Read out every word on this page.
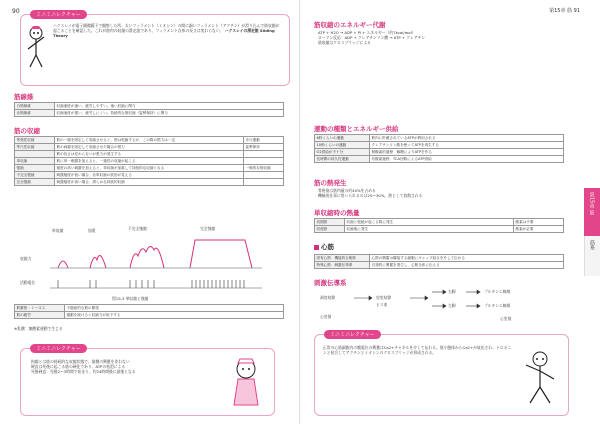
90
ハクスレイが電子顕微鏡下で観察した所、太いフィラメント（ミオシン）の間に細いフィラメント（アクチン）が滑り込んで筋収縮が起こることを確認した。これが筋肉の収縮の滑走説であり、フィラメント自体の長さは変わらない。 ハクスレイの滑走説 Sliding Theory
ミニミニレクチャー
筋線維
白筋線維	収縮速度が速い、疲労しやすい。速い収縮に関与
赤筋線維	収縮速度が遅い、疲労しにくい。持続的な筋収縮（姿勢保持）に関与
筋の収縮
等張性収縮	筋の一端を固定して収縮させると、筋は短縮するが、この際の筋力は一定	歩行運動
等尺性収縮	筋の両端を固定して収縮させた場合の張力	姿勢保持
	筋の長さは変わらないが張力が発生する	
単収縮	筋に単一刺激を加えると、一過性の収縮が起こる	
強縮	頻度の高い刺激を加えると、単収縮が加重して持続的な収縮となる	一般的な筋収縮
不完全強縮	刺激頻度が低い場合、各単収縮の波形が見える	
完全強縮	刺激頻度が高い場合、滑らかな持続的収縮	
単収縮	加重	不完全強縮	完全強縮
収縮力
活動電位
図15-3 単収縮と強縮
筋緊張・トーヌス	不随意的な筋の緊張
筋の疲労	運動を続けると収縮力が低下する
※乳酸：無酸素運動で生じる
拘縮とは筋の持続的な収縮状態で、筋膜の興奮を伴わない
硬直は死後に起こる筋の硬化であり、ATPの枯渇による
死後硬直：死後2〜3時間で始まり、約24時間後に最強となる
ミニミニレクチャー
第15章 筋 91
筋収縮のエネルギー代謝
ATP + H2O → ADP + Pi + エネルギー（約7kcal/mol）
ローマン反応：ADP + クレアチンリン酸 → ATP + クレアチン
筋収縮はクロスブリッジによる
運動の種類とエネルギー供給
6秒くらいの運動	筋肉に貯蔵されているATPが利用される
10秒くらいの運動	クレアチンリン酸を使ってATPを再生する
O2供給が不十分	無酸素的過程：解糖によりATPを作る
長時間の持久性運動	有酸素過程：TCA回路によるATP供給
筋の熱発生
骨格筋は筋肉量の約40%を占める
機械的仕事に用いられるのは25〜30%，熱として放散される
単収縮時の熱量
初期熱	収縮と弛緩が起こる際に発生	酸素は不要
回復熱	収縮後に発生	酸素が必要
心筋
固有心筋：機能的合胞体	心筋の興奮は隣接する細胞にギャップ結合を介して伝わる
特殊心筋：刺激伝導系	自発的に興奮を発生し、心筋全体に伝える
刺激伝導系
洞房結節	房室結節
ヒス束
右脚
左脚
プルキンエ線維
プルキンエ線維
心房筋	心室筋
正常の心筋細胞内の膜電位の興奮はCa2+チャネルを介して伝わる。筋小胞体からCa2+が放出され、トロポニンと結合してアクチンとミオシンのクロスブリッジが形成される。
ミニミニレクチャー
第15章 筋
筋系
